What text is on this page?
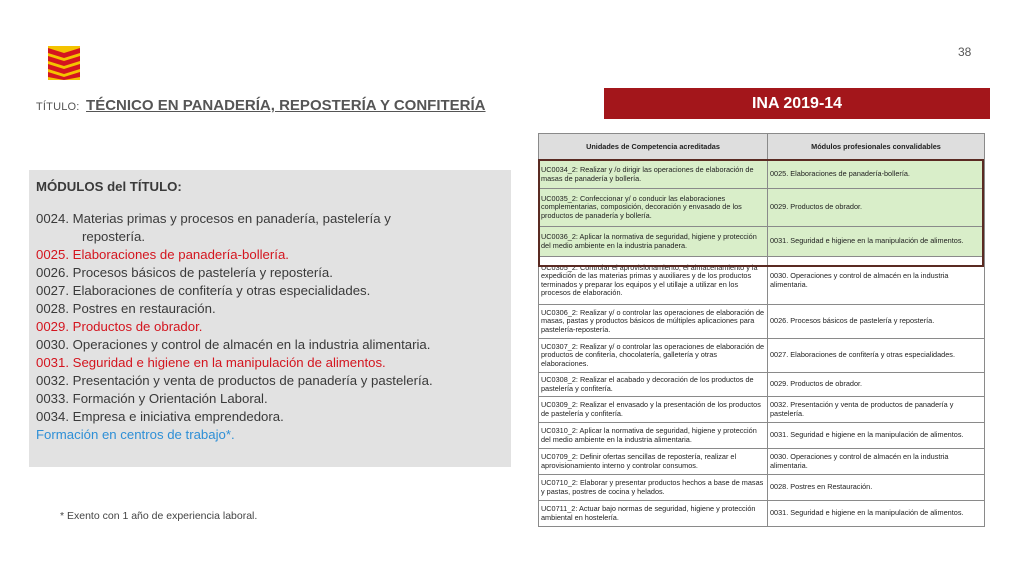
38
TÍTULO: TÉCNICO EN PANADERÍA, REPOSTERÍA Y CONFITERÍA	INA 2019-14
MÓDULOS del TÍTULO:
0024. Materias primas y procesos en panadería, pastelería y
repostería.
0025. Elaboraciones de panadería-bollería.
0026. Procesos básicos de pastelería y repostería.
0027. Elaboraciones de confitería y otras especialidades.
0028. Postres en restauración.
0029. Productos de obrador.
0030. Operaciones y control de almacén en la industria alimentaria.
0031. Seguridad e higiene en la manipulación de alimentos.
0032. Presentación y venta de productos de panadería y pastelería.
0033. Formación y Orientación Laboral.
0034. Empresa e iniciativa emprendedora.
Formación en centros de trabajo*.
* Exento con 1 año de experiencia laboral.
Unidades de Competencia acreditadas	Módulos profesionales convalidables
UC0034_2: Realizar y /o dirigir las operaciones de elaboración de masas de panadería y bollería.	0025. Elaboraciones de panadería-bollería.
UC0035_2: Confeccionar y/ o conducir las elaboraciones complementarias, composición, decoración y envasado de los productos de panadería y bollería.	0029. Productos de obrador.
UC0036_2: Aplicar la normativa de seguridad, higiene y protección del medio ambiente en la industria panadera.	0031. Seguridad e higiene en la manipulación de alimentos.
UC0305_2: Controlar el aprovisionamiento, el almacenamiento y la expedición de las materias primas y auxiliares y de los productos terminados y preparar los equipos y el utillaje a utilizar en los procesos de elaboración.	0030. Operaciones y control de almacén en la industria alimentaria.
UC0306_2: Realizar y/ o controlar las operaciones de elaboración de masas, pastas y productos básicos de múltiples aplicaciones para pastelería-repostería.	0026. Procesos básicos de pastelería y repostería.
UC0307_2: Realizar y/ o controlar las operaciones de elaboración de productos de confitería, chocolatería, galletería y otras elaboraciones.	0027. Elaboraciones de confitería y otras especialidades.
UC0308_2: Realizar el acabado y decoración de los productos de pastelería y confitería.	0029. Productos de obrador.
UC0309_2: Realizar el envasado y la presentación de los productos de pastelería y confitería.	0032. Presentación y venta de productos de panadería y pastelería.
UC0310_2: Aplicar la normativa de seguridad, higiene y protección del medio ambiente en la industria alimentaria.	0031. Seguridad e higiene en la manipulación de alimentos.
UC0709_2: Definir ofertas sencillas de repostería, realizar el aprovisionamiento interno y controlar consumos.	0030. Operaciones y control de almacén en la industria alimentaria.
UC0710_2: Elaborar y presentar productos hechos a base de masas y pastas, postres de cocina y helados.	0028. Postres en Restauración.
UC0711_2: Actuar bajo normas de seguridad, higiene y protección ambiental en hostelería.	0031. Seguridad e higiene en la manipulación de alimentos.
